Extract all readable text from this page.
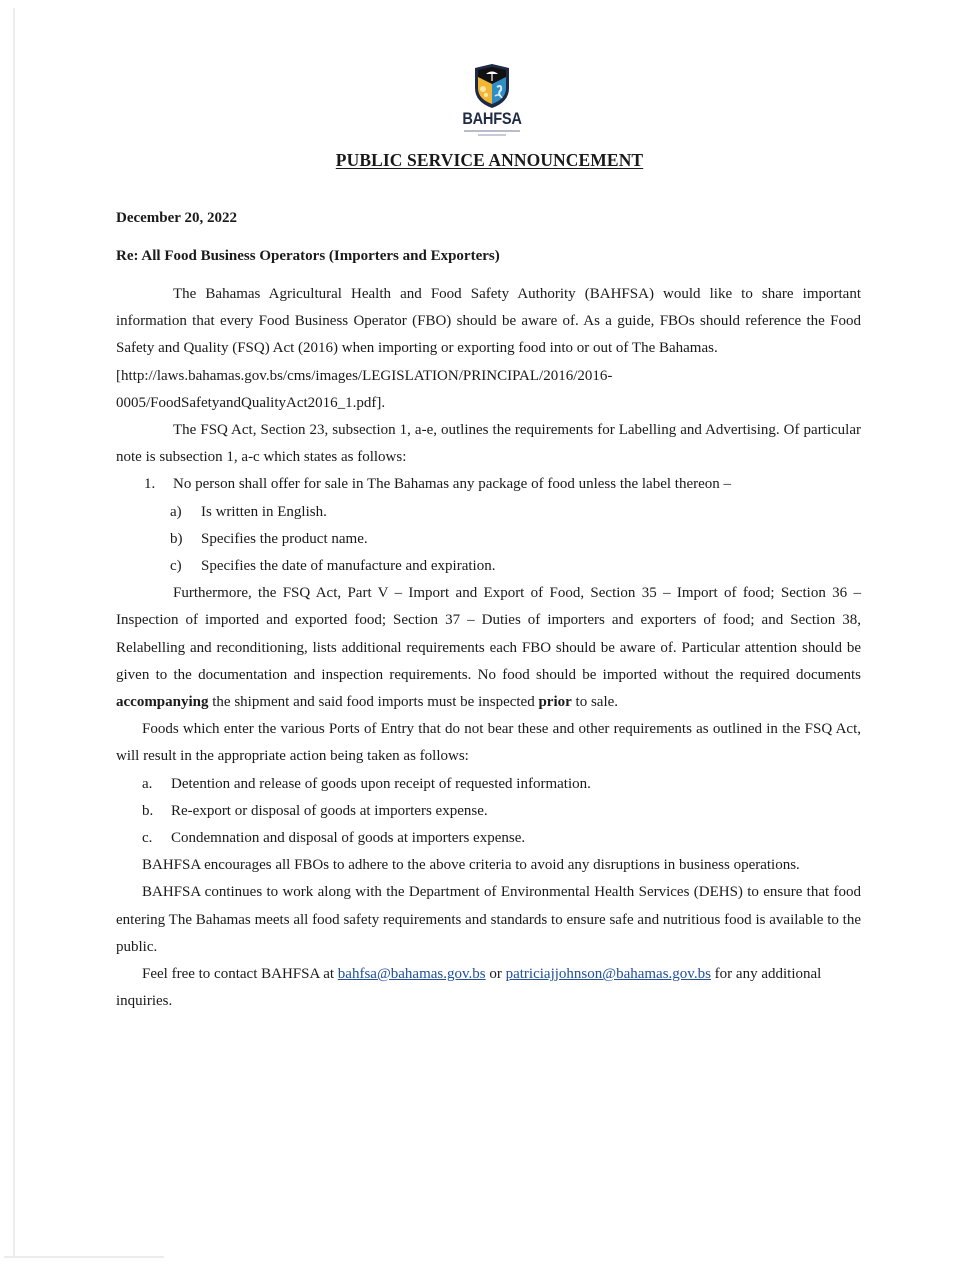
BAHFSA
PUBLIC SERVICE ANNOUNCEMENT

December 20, 2022

Re: All Food Business Operators (Importers and Exporters)

The Bahamas Agricultural Health and Food Safety Authority (BAHFSA) would like to share important information that every Food Business Operator (FBO) should be aware of. As a guide, FBOs should reference the Food Safety and Quality (FSQ) Act (2016) when importing or exporting food into or out of The Bahamas.
[http://laws.bahamas.gov.bs/cms/images/LEGISLATION/PRINCIPAL/2016/2016-
0005/FoodSafetyandQualityAct2016_1.pdf].

The FSQ Act, Section 23, subsection 1, a-e, outlines the requirements for Labelling and Advertising. Of particular note is subsection 1, a-c which states as follows:

1.	No person shall offer for sale in The Bahamas any package of food unless the label thereon –
a)	Is written in English.
b)	Specifies the product name.
c)	Specifies the date of manufacture and expiration.

Furthermore, the FSQ Act, Part V – Import and Export of Food, Section 35 – Import of food; Section 36 – Inspection of imported and exported food; Section 37 – Duties of importers and exporters of food; and Section 38, Relabelling and reconditioning, lists additional requirements each FBO should be aware of. Particular attention should be given to the documentation and inspection requirements. No food should be imported without the required documents accompanying the shipment and said food imports must be inspected prior to sale.

Foods which enter the various Ports of Entry that do not bear these and other requirements as outlined in the FSQ Act, will result in the appropriate action being taken as follows:

a.	Detention and release of goods upon receipt of requested information.
b.	Re-export or disposal of goods at importers expense.
c.	Condemnation and disposal of goods at importers expense.

BAHFSA encourages all FBOs to adhere to the above criteria to avoid any disruptions in business operations.

BAHFSA continues to work along with the Department of Environmental Health Services (DEHS) to ensure that food entering The Bahamas meets all food safety requirements and standards to ensure safe and nutritious food is available to the public.

Feel free to contact BAHFSA at bahfsa@bahamas.gov.bs or patriciajjohnson@bahamas.gov.bs for any additional inquiries.
